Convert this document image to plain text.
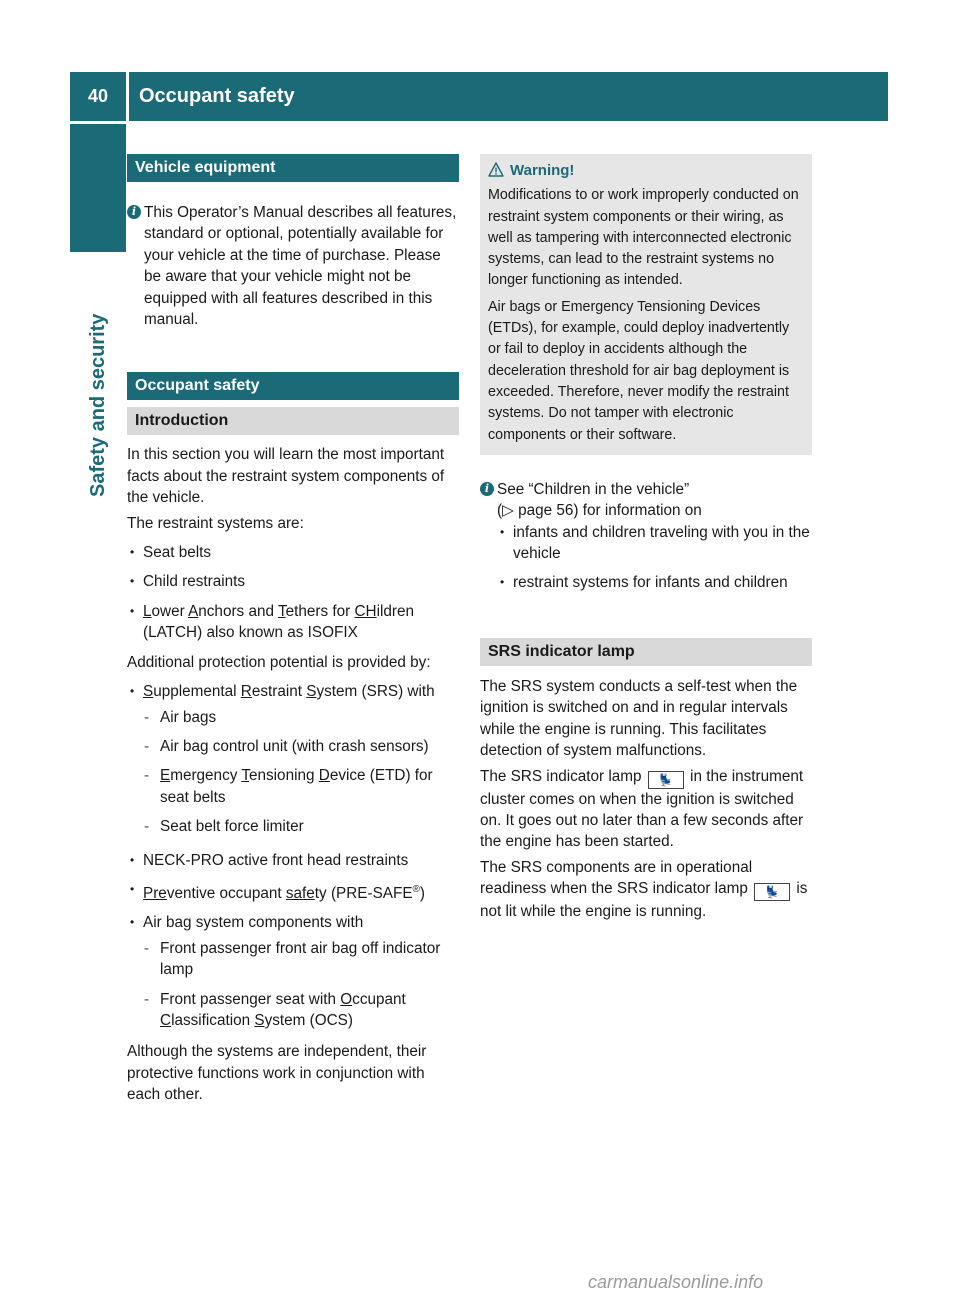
40	Occupant safety
Safety and security
Vehicle equipment
i This Operator’s Manual describes all features, standard or optional, potentially available for your vehicle at the time of purchase. Please be aware that your vehicle might not be equipped with all features described in this manual.
Occupant safety
Introduction

In this section you will learn the most important facts about the restraint system components of the vehicle.

The restraint systems are:

• Seat belts
• Child restraints
• Lower Anchors and Tethers for CHildren (LATCH) also known as ISOFIX

Additional protection potential is provided by:

• Supplemental Restraint System (SRS) with
- Air bags
- Air bag control unit (with crash sensors)
- Emergency Tensioning Device (ETD) for seat belts
- Seat belt force limiter
• NECK-PRO active front head restraints
• Preventive occupant safety (PRE-SAFE®)
• Air bag system components with
- Front passenger front air bag off indicator lamp
- Front passenger seat with Occupant Classification System (OCS)

Although the systems are independent, their protective functions work in conjunction with each other.

Warning!

Modifications to or work improperly conducted on restraint system components or their wiring, as well as tampering with interconnected electronic systems, can lead to the restraint systems no longer functioning as intended.

Air bags or Emergency Tensioning Devices (ETDs), for example, could deploy inadvertently or fail to deploy in accidents although the deceleration threshold for air bag deployment is exceeded. Therefore, never modify the restraint systems. Do not tamper with electronic components or their software.

i See “Children in the vehicle”
(▷ page 56) for information on
• infants and children traveling with you in the vehicle
• restraint systems for infants and children
SRS indicator lamp

The SRS system conducts a self-test when the ignition is switched on and in regular intervals while the engine is running. This facilitates detection of system malfunctions.

The SRS indicator lamp 💺 in the instrument cluster comes on when the ignition is switched on. It goes out no later than a few seconds after the engine has been started.

The SRS components are in operational readiness when the SRS indicator lamp 💺 is not lit while the engine is running.

carmanualsonline.info
